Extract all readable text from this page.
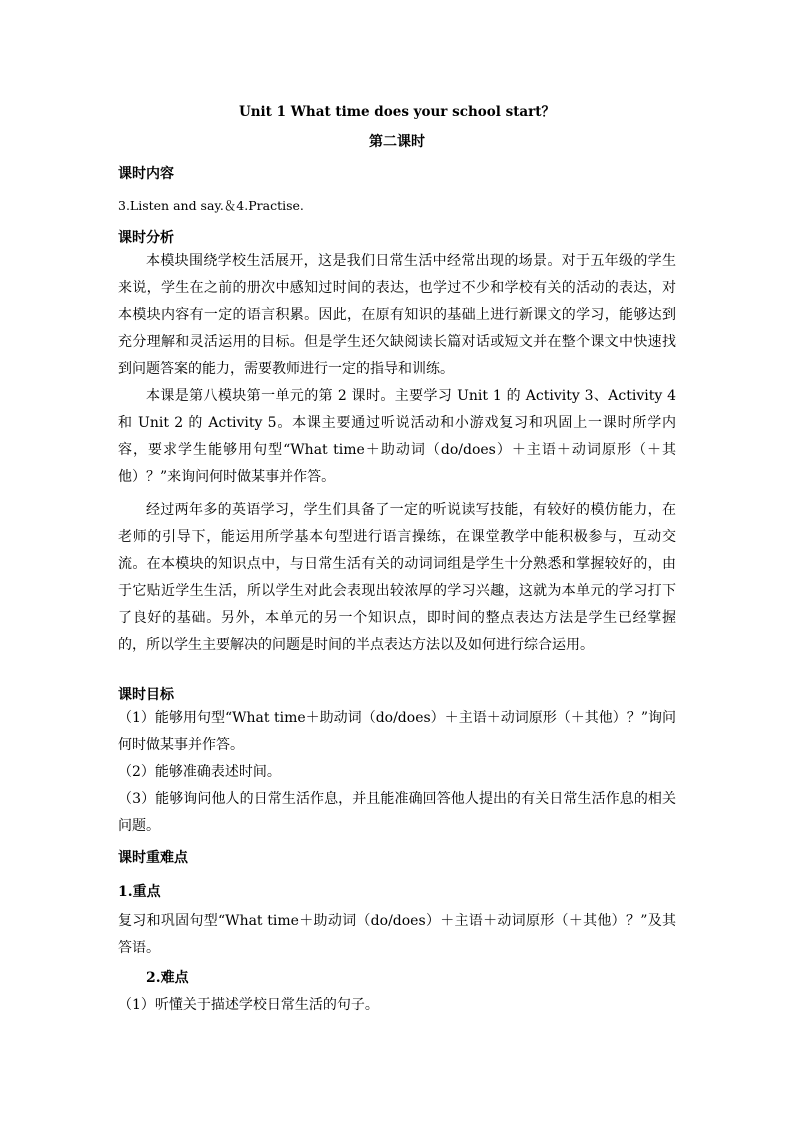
Unit 1 What time does your school start？

第二课时

课时内容

3.Listen and say.＆4.Practise.

课时分析

本模块围绕学校生活展开，这是我们日常生活中经常出现的场景。对于五年级的学生来说，学生在之前的册次中感知过时间的表达，也学过不少和学校有关的活动的表达，对本模块内容有一定的语言积累。因此，在原有知识的基础上进行新课文的学习，能够达到充分理解和灵活运用的目标。但是学生还欠缺阅读长篇对话或短文并在整个课文中快速找到问题答案的能力，需要教师进行一定的指导和训练。

本课是第八模块第一单元的第 2 课时。主要学习 Unit 1 的 Activity 3、Activity 4 和 Unit 2 的 Activity 5。本课主要通过听说活动和小游戏复习和巩固上一课时所学内容，要求学生能够用句型“What time＋助动词（do/does）＋主语＋动词原形（＋其他）？”来询问何时做某事并作答。

经过两年多的英语学习，学生们具备了一定的听说读写技能，有较好的模仿能力，在老师的引导下，能运用所学基本句型进行语言操练，在课堂教学中能积极参与，互动交流。在本模块的知识点中，与日常生活有关的动词词组是学生十分熟悉和掌握较好的，由于它贴近学生生活，所以学生对此会表现出较浓厚的学习兴趣，这就为本单元的学习打下了良好的基础。另外，本单元的另一个知识点，即时间的整点表达方法是学生已经掌握的，所以学生主要解决的问题是时间的半点表达方法以及如何进行综合运用。

课时目标

（1）能够用句型“What time＋助动词（do/does）＋主语＋动词原形（＋其他）？”询问何时做某事并作答。

（2）能够准确表述时间。

（3）能够询问他人的日常生活作息，并且能准确回答他人提出的有关日常生活作息的相关问题。

课时重难点

1.重点

复习和巩固句型“What time＋助动词（do/does）＋主语＋动词原形（＋其他）？”及其答语。

2.难点

（1）听懂关于描述学校日常生活的句子。
